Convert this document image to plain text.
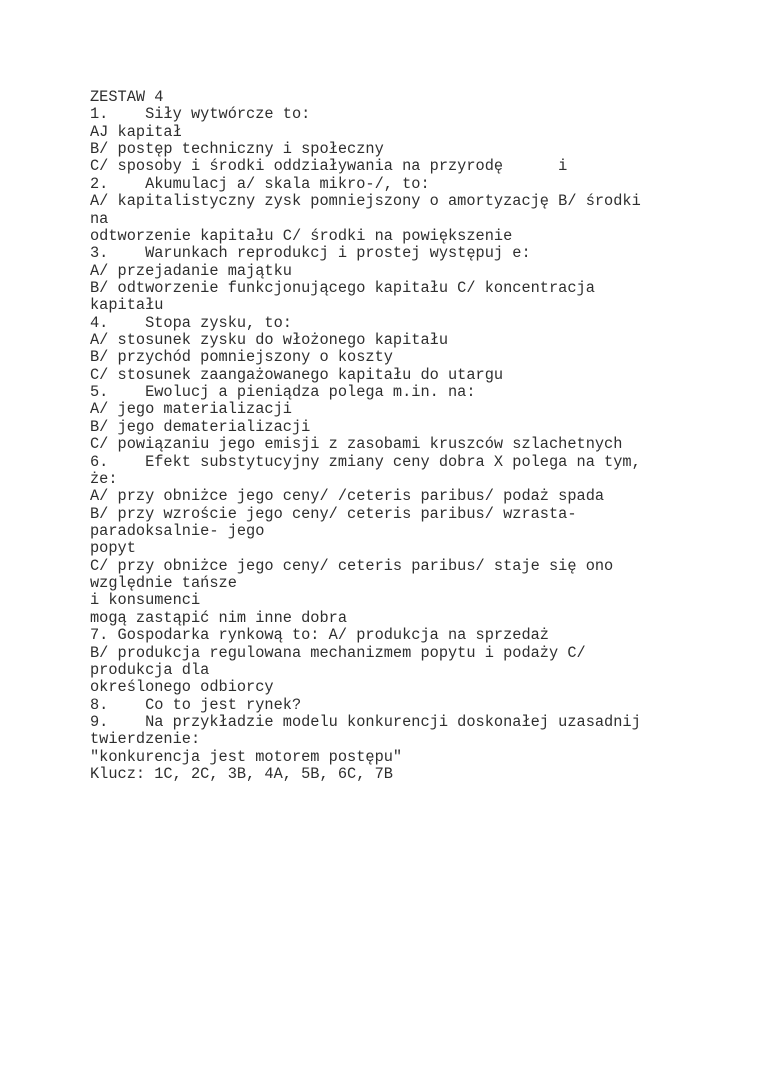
ZESTAW 4
1.    Siły wytwórcze to:
AJ kapitał
B/ postęp techniczny i społeczny
C/ sposoby i środki oddziaływania na przyrodę      i
2.    Akumulacj a/ skala mikro-/, to:
A/ kapitalistyczny zysk pomniejszony o amortyzację B/ środki
na
odtworzenie kapitału C/ środki na powiększenie
3.    Warunkach reprodukcj i prostej występuj e:
A/ przejadanie majątku
B/ odtworzenie funkcjonującego kapitału C/ koncentracja
kapitału
4.    Stopa zysku, to:
A/ stosunek zysku do włożonego kapitału
B/ przychód pomniejszony o koszty
C/ stosunek zaangażowanego kapitału do utargu
5.    Ewolucj a pieniądza polega m.in. na:
A/ jego materializacji
B/ jego dematerializacji
C/ powiązaniu jego emisji z zasobami kruszców szlachetnych
6.    Efekt substytucyjny zmiany ceny dobra X polega na tym,
że:
A/ przy obniżce jego ceny/ /ceteris paribus/ podaż spada
B/ przy wzroście jego ceny/ ceteris paribus/ wzrasta-
paradoksalnie- jego
popyt
C/ przy obniżce jego ceny/ ceteris paribus/ staje się ono
względnie tańsze
i konsumenci
mogą zastąpić nim inne dobra
7. Gospodarka rynkową to: A/ produkcja na sprzedaż
B/ produkcja regulowana mechanizmem popytu i podaży C/
produkcja dla
określonego odbiorcy
8.    Co to jest rynek?
9.    Na przykładzie modelu konkurencji doskonałej uzasadnij
twierdzenie:
"konkurencja jest motorem postępu"
Klucz: 1C, 2C, 3B, 4A, 5B, 6C, 7B
